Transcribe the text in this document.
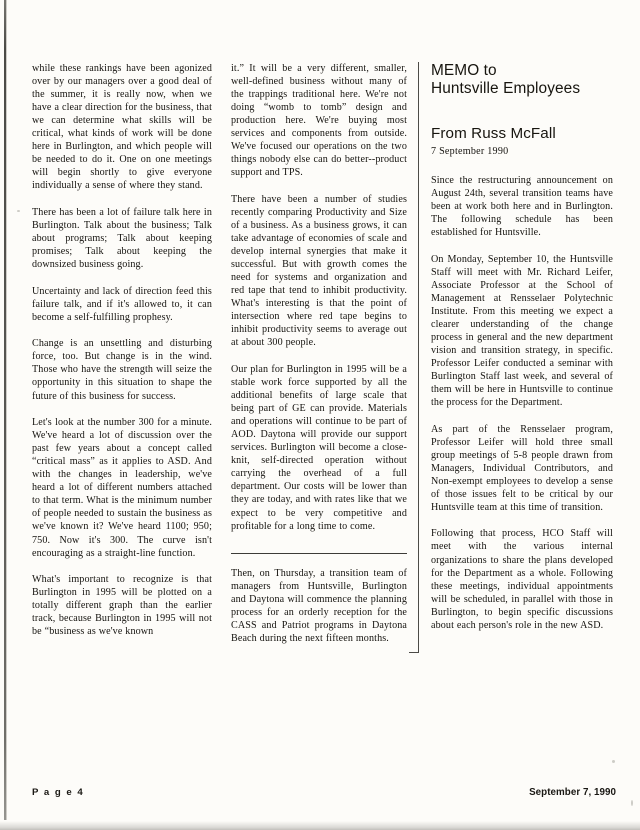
while these rankings have been agonized over by our managers over a good deal of the summer, it is really now, when we have a clear direction for the business, that we can determine what skills will be critical, what kinds of work will be done here in Burlington, and which people will be needed to do it. One on one meetings will begin shortly to give everyone individually a sense of where they stand.

There has been a lot of failure talk here in Burlington. Talk about the business; Talk about programs; Talk about keeping promises; Talk about keeping the downsized business going.

Uncertainty and lack of direction feed this failure talk, and if it's allowed to, it can become a self-fulfilling prophesy.

Change is an unsettling and disturbing force, too. But change is in the wind. Those who have the strength will seize the opportunity in this situation to shape the future of this business for success.

Let's look at the number 300 for a minute. We've heard a lot of discussion over the past few years about a concept called “critical mass” as it applies to ASD. And with the changes in leadership, we've heard a lot of different numbers attached to that term. What is the minimum number of people needed to sustain the business as we've known it? We've heard 1100; 950; 750. Now it's 300. The curve isn't encouraging as a straight-line function.

What's important to recognize is that Burlington in 1995 will be plotted on a totally different graph than the earlier track, because Burlington in 1995 will not be “business as we've known

it.” It will be a very different, smaller, well-defined business without many of the trappings traditional here. We're not doing “womb to tomb” design and production here. We're buying most services and components from outside. We've focused our operations on the two things nobody else can do better--product support and TPS.

There have been a number of studies recently comparing Productivity and Size of a business. As a business grows, it can take advantage of economies of scale and develop internal synergies that make it successful. But with growth comes the need for systems and organization and red tape that tend to inhibit productivity. What's interesting is that the point of intersection where red tape begins to inhibit productivity seems to average out at about 300 people.

Our plan for Burlington in 1995 will be a stable work force supported by all the additional benefits of large scale that being part of GE can provide. Materials and operations will continue to be part of AOD. Daytona will provide our support services. Burlington will become a close-knit, self-directed operation without carrying the overhead of a full department. Our costs will be lower than they are today, and with rates like that we expect to be very competitive and profitable for a long time to come.

Then, on Thursday, a transition team of managers from Huntsville, Burlington and Daytona will commence the planning process for an orderly reception for the CASS and Patriot programs in Daytona Beach during the next fifteen months.

MEMO to
Huntsville Employees
From Russ McFall
7 September 1990

Since the restructuring announcement on August 24th, several transition teams have been at work both here and in Burlington. The following schedule has been established for Huntsville.

On Monday, September 10, the Huntsville Staff will meet with Mr. Richard Leifer, Associate Professor at the School of Management at Rensselaer Polytechnic Institute. From this meeting we expect a clearer understanding of the change process in general and the new department vision and transition strategy, in specific. Professor Leifer conducted a seminar with Burlington Staff last week, and several of them will be here in Huntsville to continue the process for the Department.

As part of the Rensselaer program, Professor Leifer will hold three small group meetings of 5-8 people drawn from Managers, Individual Contributors, and Non-exempt employees to develop a sense of those issues felt to be critical by our Huntsville team at this time of transition.

Following that process, HCO Staff will meet with the various internal organizations to share the plans developed for the Department as a whole. Following these meetings, individual appointments will be scheduled, in parallel with those in Burlington, to begin specific discussions about each person's role in the new ASD.

P a g e 4	September 7, 1990
